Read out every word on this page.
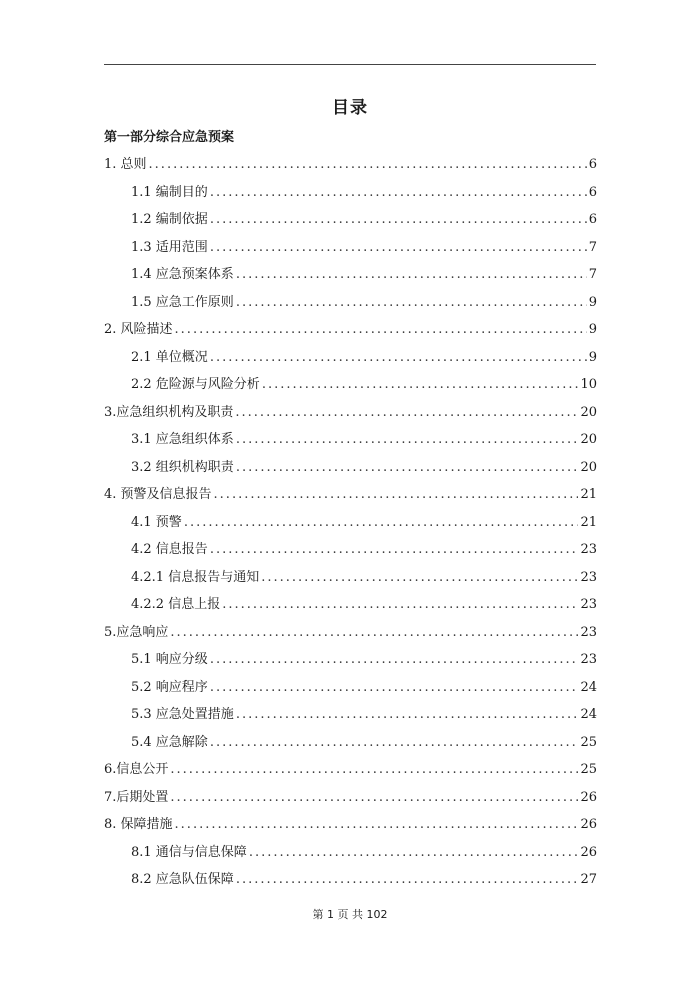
目录
第一部分综合应急预案
1. 总则 .....	6
1.1 编制目的 .....	6
1.2 编制依据 .....	6
1.3 适用范围 .....	7
1.4 应急预案体系 .....	7
1.5 应急工作原则 .....	9
2. 风险描述 .....	9
2.1 单位概况 .....	9
2.2 危险源与风险分析 .....	10
3.应急组织机构及职责 .....	20
3.1 应急组织体系 .....	20
3.2 组织机构职责 .....	20
4. 预警及信息报告 .....	21
4.1 预警 .....	21
4.2 信息报告 .....	23
4.2.1 信息报告与通知 .....	23
4.2.2 信息上报 .....	23
5.应急响应 .....	23
5.1 响应分级 .....	23
5.2 响应程序 .....	24
5.3 应急处置措施 .....	24
5.4 应急解除 .....	25
6.信息公开 .....	25
7.后期处置 .....	26
8. 保障措施 .....	26
8.1 通信与信息保障 .....	26
8.2 应急队伍保障 .....	27
第 1 页 共 102
